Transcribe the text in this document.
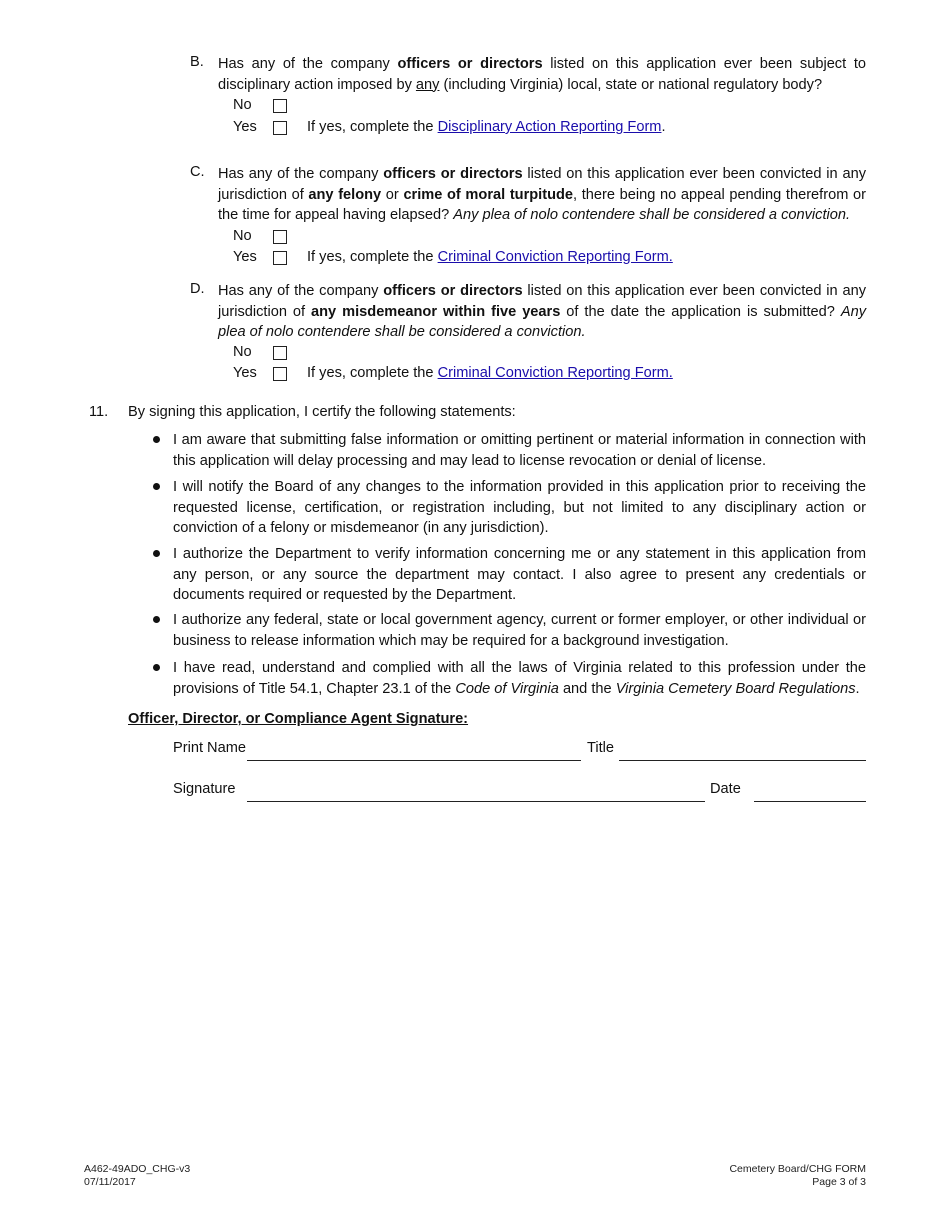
B. Has any of the company officers or directors listed on this application ever been subject to disciplinary action imposed by any (including Virginia) local, state or national regulatory body?
No
Yes	If yes, complete the Disciplinary Action Reporting Form.
C. Has any of the company officers or directors listed on this application ever been convicted in any jurisdiction of any felony or crime of moral turpitude, there being no appeal pending therefrom or the time for appeal having elapsed? Any plea of nolo contendere shall be considered a conviction.
No
Yes	If yes, complete the Criminal Conviction Reporting Form.
D. Has any of the company officers or directors listed on this application ever been convicted in any jurisdiction of any misdemeanor within five years of the date the application is submitted? Any plea of nolo contendere shall be considered a conviction.
No
Yes	If yes, complete the Criminal Conviction Reporting Form.
11. By signing this application, I certify the following statements:
I am aware that submitting false information or omitting pertinent or material information in connection with this application will delay processing and may lead to license revocation or denial of license.
I will notify the Board of any changes to the information provided in this application prior to receiving the requested license, certification, or registration including, but not limited to any disciplinary action or conviction of a felony or misdemeanor (in any jurisdiction).
I authorize the Department to verify information concerning me or any statement in this application from any person, or any source the department may contact. I also agree to present any credentials or documents required or requested by the Department.
I authorize any federal, state or local government agency, current or former employer, or other individual or business to release information which may be required for a background investigation.
I have read, understand and complied with all the laws of Virginia related to this profession under the provisions of Title 54.1, Chapter 23.1 of the Code of Virginia and the Virginia Cemetery Board Regulations.
Officer, Director, or Compliance Agent Signature:
Print Name	Title
Signature	Date
A462-49ADO_CHG-v3
07/11/2017
Cemetery Board/CHG FORM
Page 3 of 3
